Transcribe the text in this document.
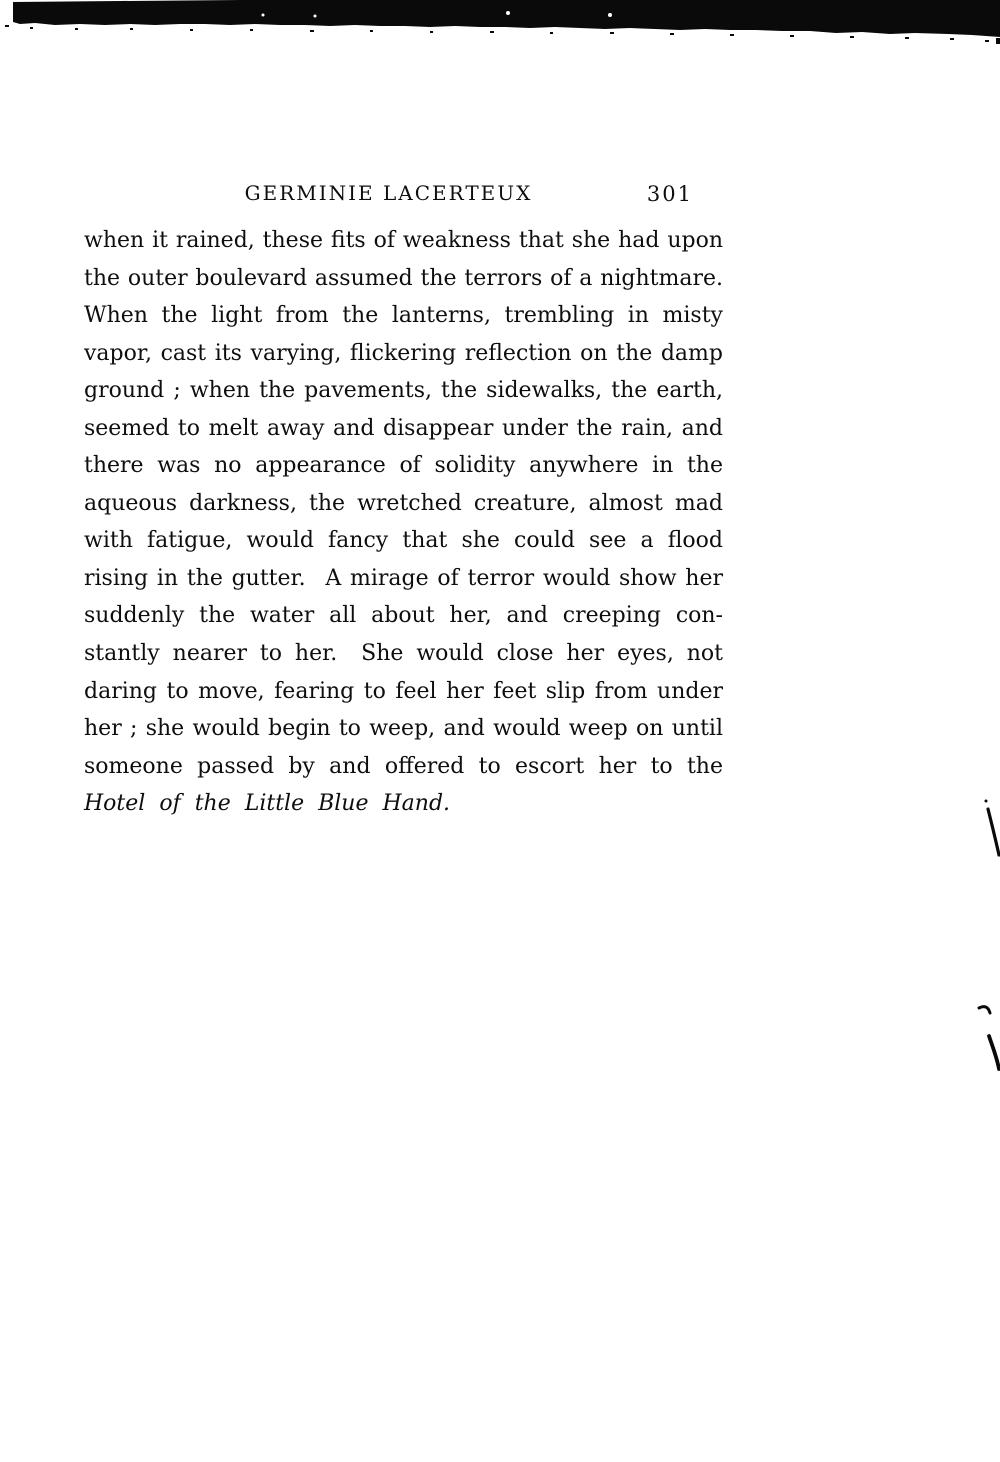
GERMINIE LACERTEUX	301
when it rained, these fits of weakness that she had upon
the outer boulevard assumed the terrors of a nightmare.
When the light from the lanterns, trembling in misty
vapor, cast its varying, flickering reflection on the damp
ground ; when the pavements, the sidewalks, the earth,
seemed to melt away and disappear under the rain, and
there was no appearance of solidity anywhere in the
aqueous darkness, the wretched creature, almost mad
with fatigue, would fancy that she could see a flood
rising in the gutter.  A mirage of terror would show her
suddenly the water all about her, and creeping con-
stantly nearer to her.  She would close her eyes, not
daring to move, fearing to feel her feet slip from under
her ; she would begin to weep, and would weep on until
someone passed by and offered to escort her to the
Hotel of the Little Blue Hand.
